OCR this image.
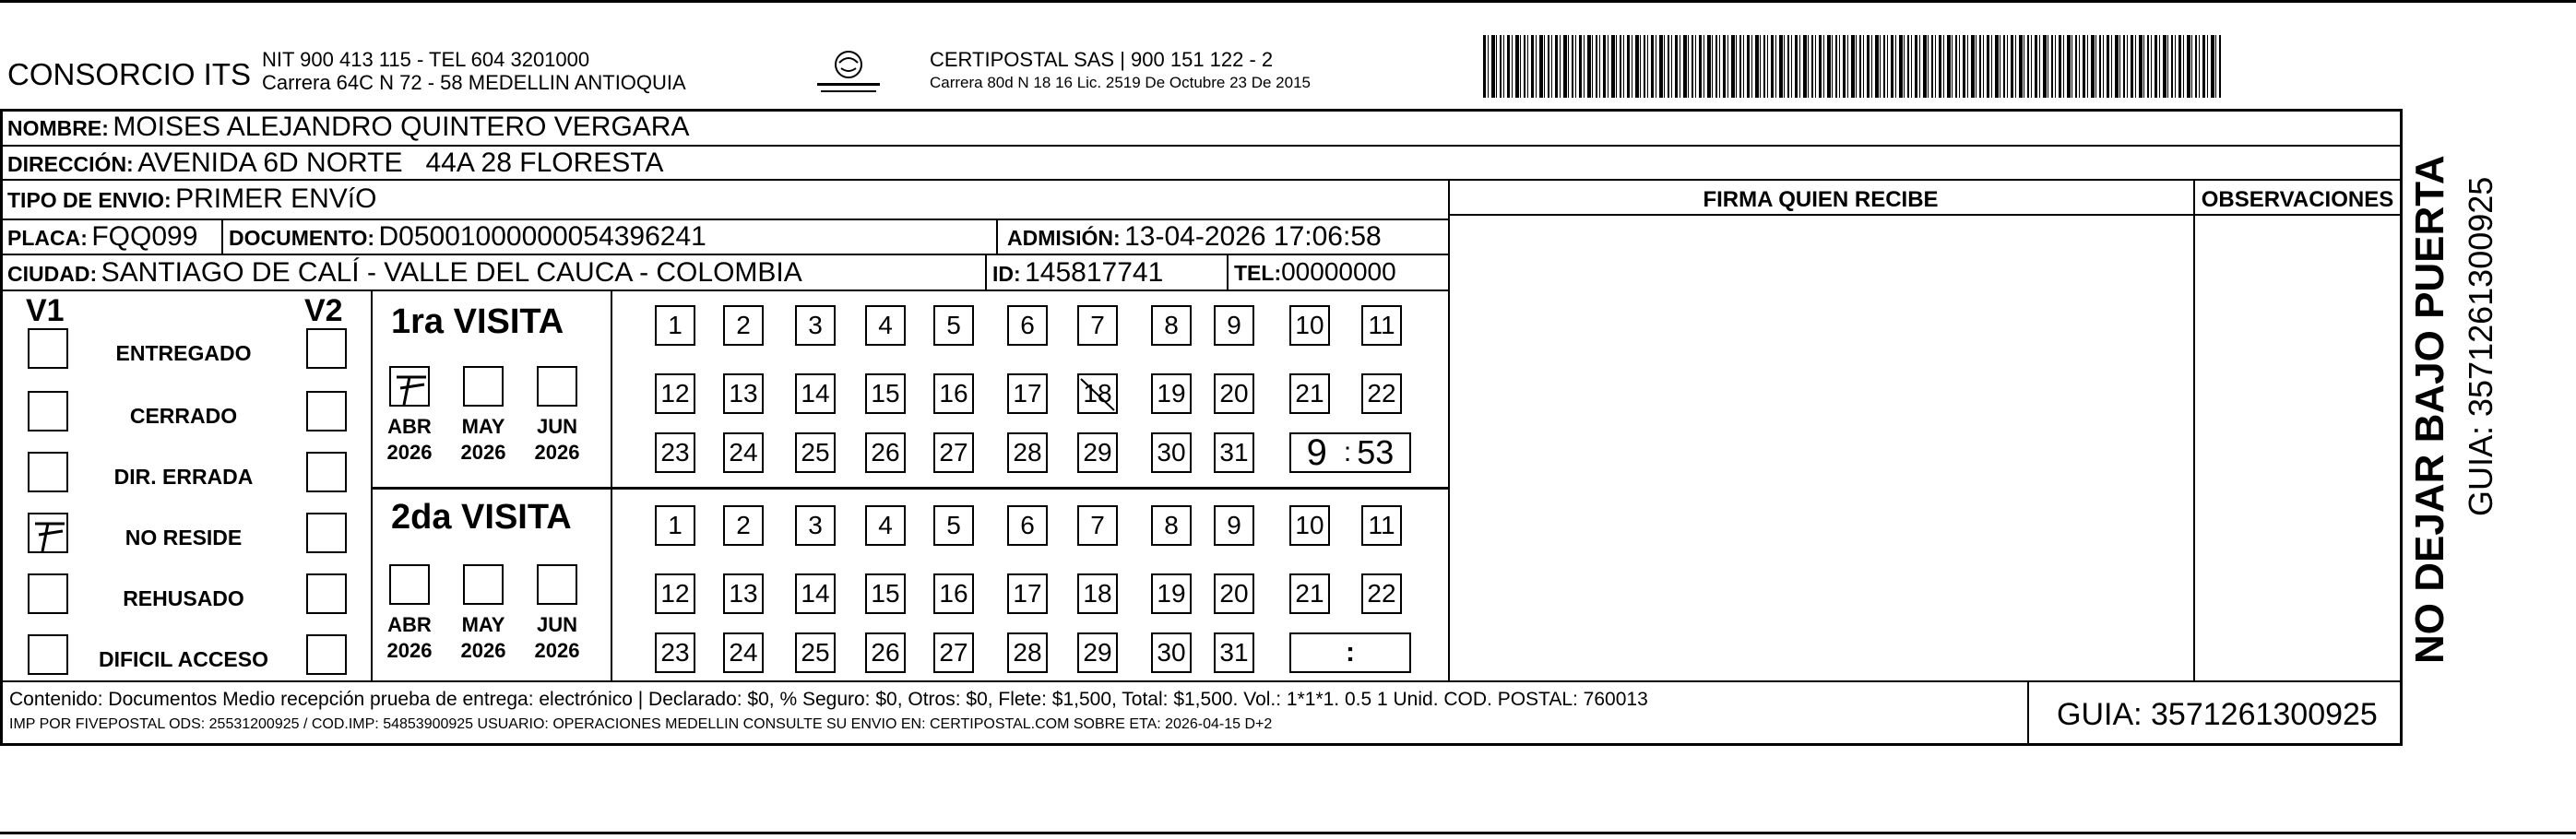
CONSORCIO ITS NIT 900 413 115 - TEL 604 3201000
Carrera 64C N 72 - 58 MEDELLIN ANTIOQUIA
CERTIPOSTAL SAS | 900 151 122 - 2
Carrera 80d N 18 16 Lic. 2519 De Octubre 23 De 2015
NOMBRE: MOISES ALEJANDRO QUINTERO VERGARA
DIRECCIÓN: AVENIDA 6D NORTE   44A 28 FLORESTA
TIPO DE ENVIO: PRIMER ENVíO	FIRMA QUIEN RECIBE	OBSERVACIONES
PLACA: FQQ099 DOCUMENTO: D05001000000054396241	ADMISIÓN: 13-04-2026 17:06:58
CIUDAD: SANTIAGO DE CALÍ - VALLE DEL CAUCA - COLOMBIA	ID: 145817741	TEL:00000000
V1	V2
ENTREGADO
CERRADO
DIR. ERRADA
NO RESIDE
REHUSADO
DIFICIL ACCESO
1ra VISITA
ABR
2026
MAY
2026
JUN
2026
1	2	3	4	5	6	7	8	9	10 11
12 13 14 15 16 17 18 19 20 21 22
23 24 25 26 27 28 29 30 31 9 : 53
2da VISITA
ABR
2026
MAY
2026
JUN
2026
1	2	3	4	5	6	7	8	9	10 11
12 13 14 15 16 17 18 19 20 21 22
23 24 25 26 27 28 29 30 31	:
Contenido: Documentos Medio recepción prueba de entrega: electrónico | Declarado: $0, % Seguro: $0, Otros: $0, Flete: $1,500, Total: $1,500. Vol.: 1*1*1. 0.5 1 Unid. COD. POSTAL: 760013
IMP POR FIVEPOSTAL ODS: 25531200925 / COD.IMP: 54853900925 USUARIO: OPERACIONES MEDELLIN CONSULTE SU ENVIO EN: CERTIPOSTAL.COM SOBRE ETA: 2026-04-15 D+2	GUIA: 3571261300925
NO DEJAR BAJO PUERTA GUIA: 3571261300925
